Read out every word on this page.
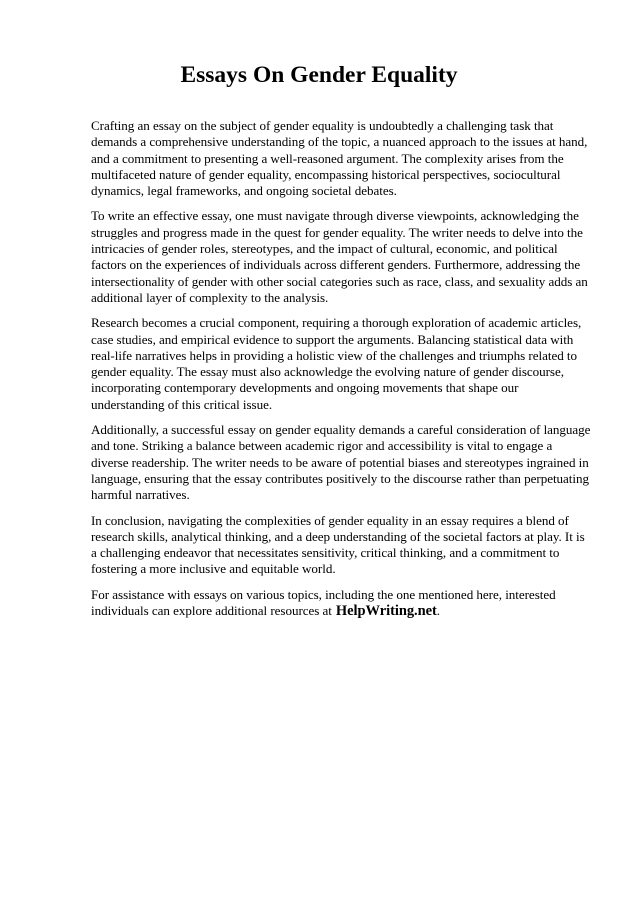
Essays On Gender Equality

Crafting an essay on the subject of gender equality is undoubtedly a challenging task that demands a comprehensive understanding of the topic, a nuanced approach to the issues at hand, and a commitment to presenting a well-reasoned argument. The complexity arises from the multifaceted nature of gender equality, encompassing historical perspectives, sociocultural dynamics, legal frameworks, and ongoing societal debates.

To write an effective essay, one must navigate through diverse viewpoints, acknowledging the struggles and progress made in the quest for gender equality. The writer needs to delve into the intricacies of gender roles, stereotypes, and the impact of cultural, economic, and political factors on the experiences of individuals across different genders. Furthermore, addressing the intersectionality of gender with other social categories such as race, class, and sexuality adds an additional layer of complexity to the analysis.

Research becomes a crucial component, requiring a thorough exploration of academic articles, case studies, and empirical evidence to support the arguments. Balancing statistical data with real-life narratives helps in providing a holistic view of the challenges and triumphs related to gender equality. The essay must also acknowledge the evolving nature of gender discourse, incorporating contemporary developments and ongoing movements that shape our understanding of this critical issue.

Additionally, a successful essay on gender equality demands a careful consideration of language and tone. Striking a balance between academic rigor and accessibility is vital to engage a diverse readership. The writer needs to be aware of potential biases and stereotypes ingrained in language, ensuring that the essay contributes positively to the discourse rather than perpetuating harmful narratives.

In conclusion, navigating the complexities of gender equality in an essay requires a blend of research skills, analytical thinking, and a deep understanding of the societal factors at play. It is a challenging endeavor that necessitates sensitivity, critical thinking, and a commitment to fostering a more inclusive and equitable world.

For assistance with essays on various topics, including the one mentioned here, interested individuals can explore additional resources at HelpWriting.net.
